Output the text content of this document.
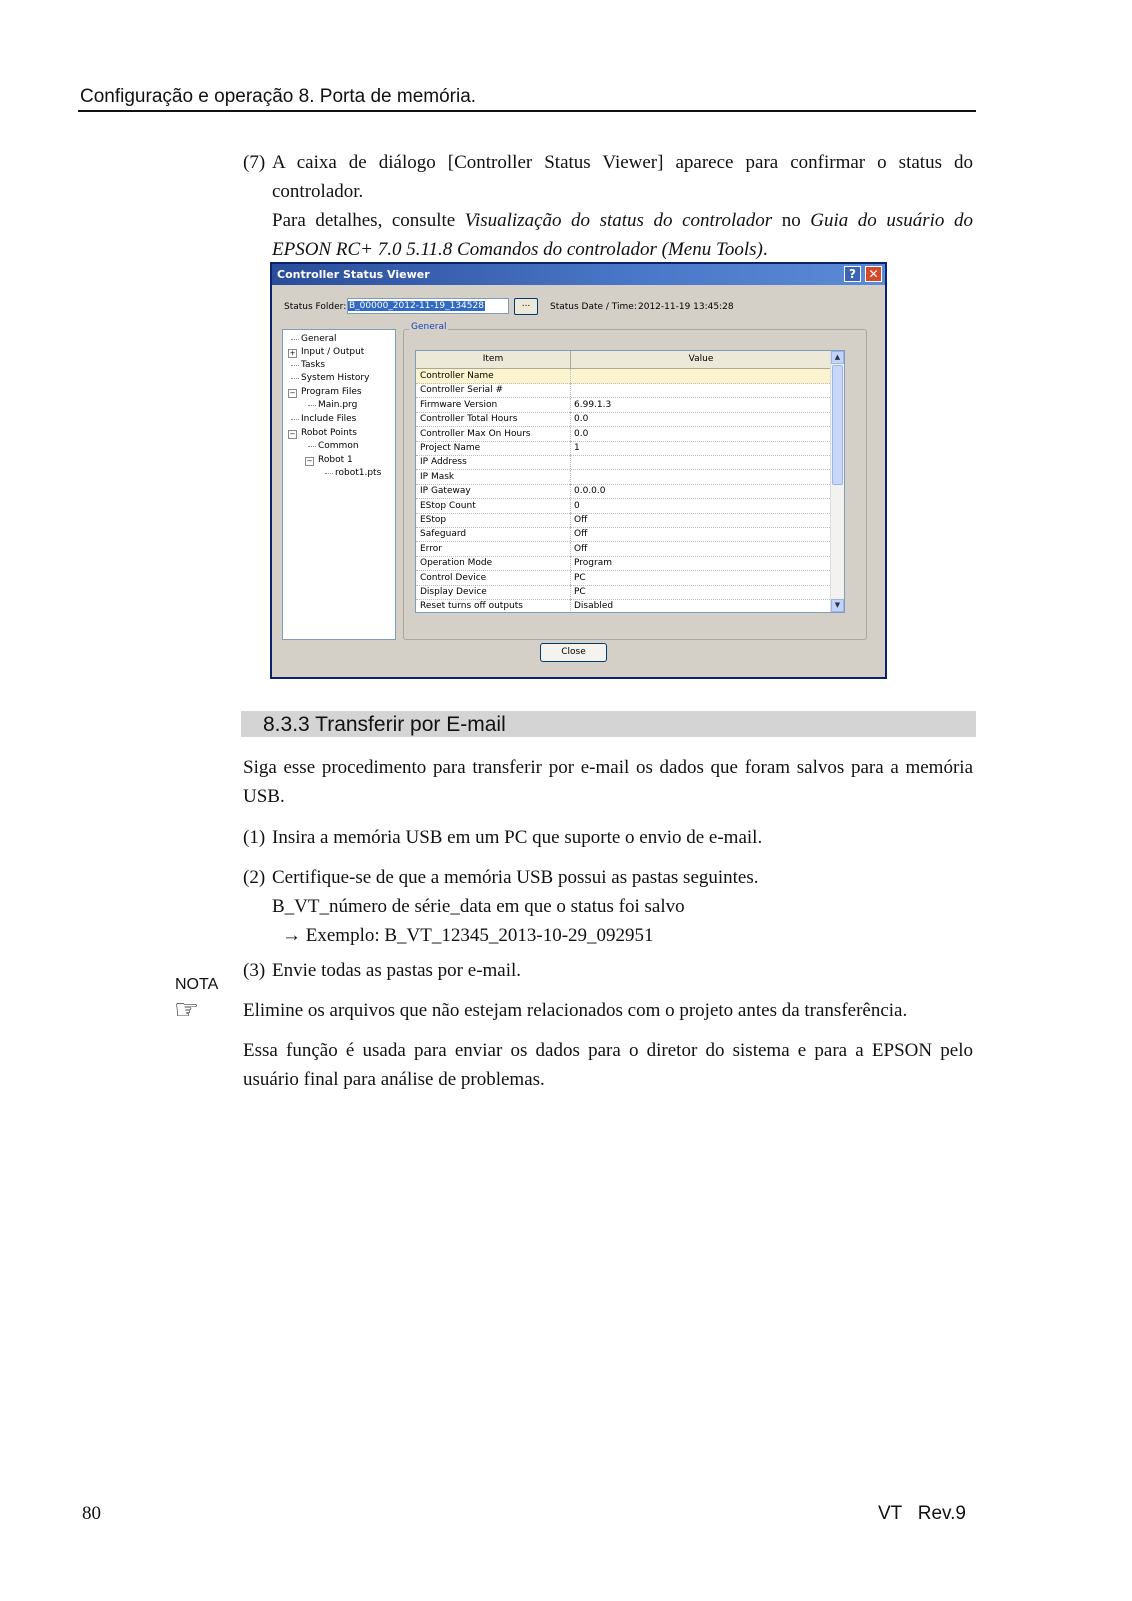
Configuração e operação 8. Porta de memória.
(7) A caixa de diálogo [Controller Status Viewer] aparece para confirmar o status do controlador.
Para detalhes, consulte Visualização do status do controlador no Guia do usuário do EPSON RC+ 7.0 5.11.8 Comandos do controlador (Menu Tools).
Controller Status Viewer	?	✕
Status Folder: B_00000_2012-11-19_134528	...	Status Date / Time: 2012-11-19 13:45:28
General
+ Input / Output
Tasks
System History
− Program Files
Main.prg
Include Files
− Robot Points
Common
− Robot 1
robot1.pts
General
Item	Value
Controller Name
Controller Serial #
Firmware Version	6.99.1.3
Controller Total Hours	0.0
Controller Max On Hours	0.0
Project Name	1
IP Address
IP Mask
IP Gateway	0.0.0.0
EStop Count	0
EStop	Off
Safeguard	Off
Error	Off
Operation Mode	Program
Control Device	PC
Display Device	PC
Reset turns off outputs	Disabled
▲
▼
Close
8.3.3 Transferir por E-mail
Siga esse procedimento para transferir por e-mail os dados que foram salvos para a memória USB.
(1) Insira a memória USB em um PC que suporte o envio de e-mail.
(2) Certifique-se de que a memória USB possui as pastas seguintes.
B_VT_número de série_data em que o status foi salvo
→ Exemplo: B_VT_12345_2013-10-29_092951
(3) Envie todas as pastas por e-mail.
NOTA
☞ Elimine os arquivos que não estejam relacionados com o projeto antes da transferência.
Essa função é usada para enviar os dados para o diretor do sistema e para a EPSON pelo usuário final para análise de problemas.
80	VT   Rev.9
